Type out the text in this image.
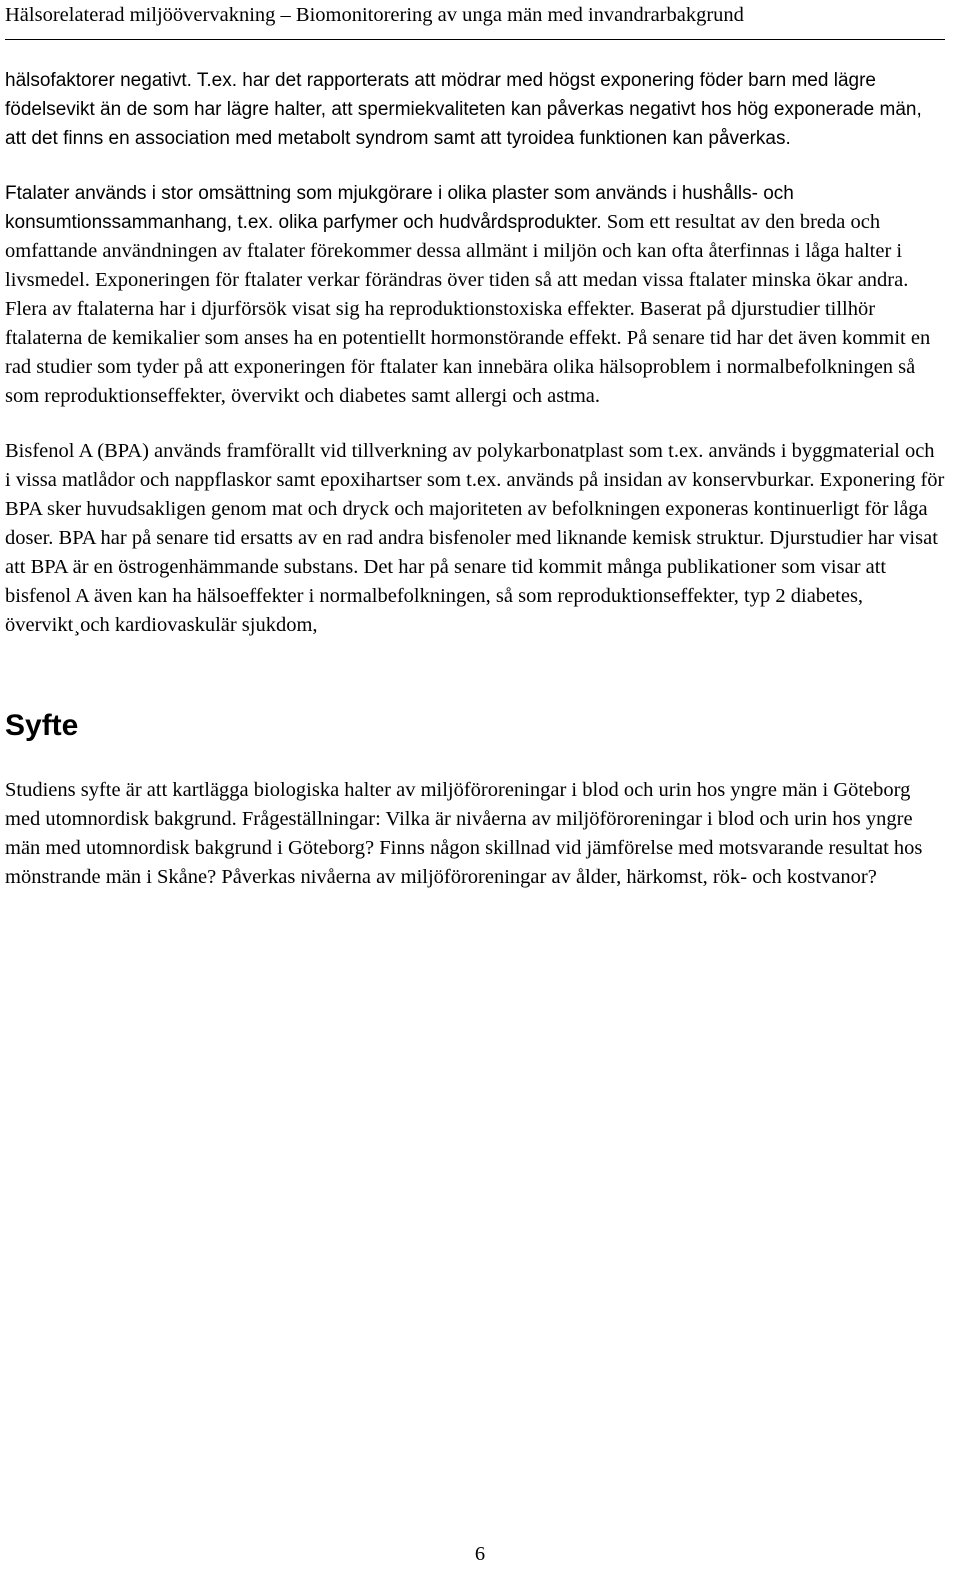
Hälsorelaterad miljöövervakning – Biomonitorering av unga män med invandrarbakgrund

hälsofaktorer negativt. T.ex. har det rapporterats att mödrar med högst exponering föder barn med lägre födelsevikt än de som har lägre halter, att spermiekvaliteten kan påverkas negativt hos hög exponerade män, att det finns en association med metabolt syndrom samt att tyroidea funktionen kan påverkas.

Ftalater används i stor omsättning som mjukgörare i olika plaster som används i hushålls- och konsumtionssammanhang, t.ex. olika parfymer och hudvårdsprodukter. Som ett resultat av den breda och omfattande användningen av ftalater förekommer dessa allmänt i miljön och kan ofta återfinnas i låga halter i livsmedel. Exponeringen för ftalater verkar förändras över tiden så att medan vissa ftalater minska ökar andra. Flera av ftalaterna har i djurförsök visat sig ha reproduktionstoxiska effekter. Baserat på djurstudier tillhör ftalaterna de kemikalier som anses ha en potentiellt hormonstörande effekt. På senare tid har det även kommit en rad studier som tyder på att exponeringen för ftalater kan innebära olika hälsoproblem i normalbefolkningen så som reproduktionseffekter, övervikt och diabetes samt allergi och astma.

Bisfenol A (BPA) används framförallt vid tillverkning av polykarbonatplast som t.ex. används i byggmaterial och i vissa matlådor och nappflaskor samt epoxihartser som t.ex. används på insidan av konservburkar. Exponering för BPA sker huvudsakligen genom mat och dryck och majoriteten av befolkningen exponeras kontinuerligt för låga doser. BPA har på senare tid ersatts av en rad andra bisfenoler med liknande kemisk struktur. Djurstudier har visat att BPA är en östrogenhämmande substans. Det har på senare tid kommit många publikationer som visar att bisfenol A även kan ha hälsoeffekter i normalbefolkningen, så som reproduktionseffekter, typ 2 diabetes, övervikt¸och kardiovaskulär sjukdom,

Syfte

Studiens syfte är att kartlägga biologiska halter av miljöföroreningar i blod och urin hos yngre män i Göteborg med utomnordisk bakgrund. Frågeställningar: Vilka är nivåerna av miljöföroreningar i blod och urin hos yngre män med utomnordisk bakgrund i Göteborg? Finns någon skillnad vid jämförelse med motsvarande resultat hos mönstrande män i Skåne? Påverkas nivåerna av miljöföroreningar av ålder, härkomst, rök- och kostvanor?

6
